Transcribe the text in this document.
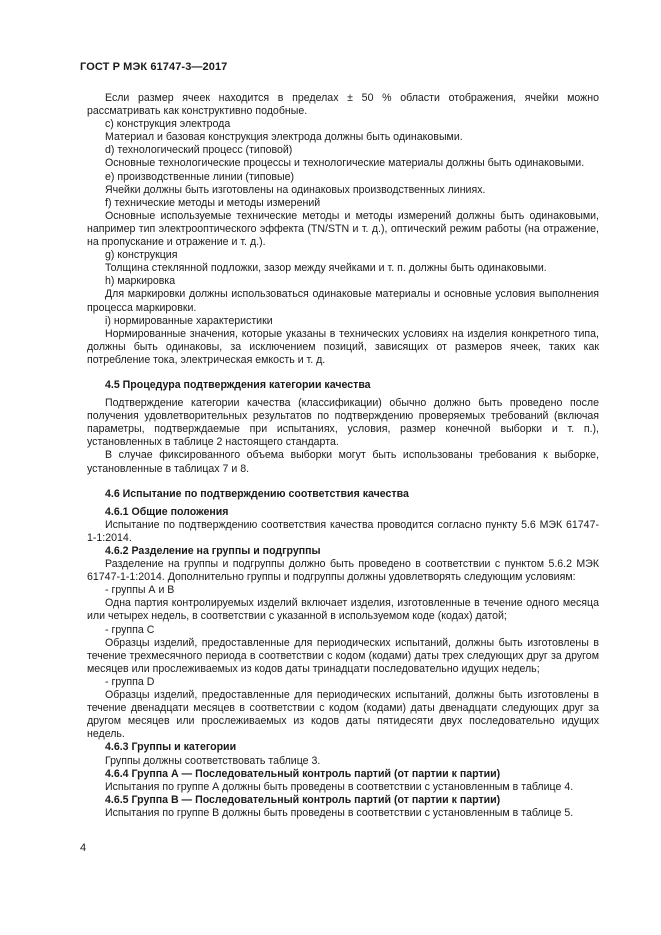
ГОСТ Р МЭК 61747-3—2017

Если размер ячеек находится в пределах ± 50 % области отображения, ячейки можно рассматривать как конструктивно подобные.

c) конструкция электрода

Материал и базовая конструкция электрода должны быть одинаковыми.

d) технологический процесс (типовой)

Основные технологические процессы и технологические материалы должны быть одинаковыми.

e) производственные линии (типовые)

Ячейки должны быть изготовлены на одинаковых производственных линиях.

f) технические методы и методы измерений

Основные используемые технические методы и методы измерений должны быть одинаковыми, например тип электрооптического эффекта (TN/STN и т. д.), оптический режим работы (на отражение, на пропускание и отражение и т. д.).

g) конструкция

Толщина стеклянной подложки, зазор между ячейками и т. п. должны быть одинаковыми.

h) маркировка

Для маркировки должны использоваться одинаковые материалы и основные условия выполнения процесса маркировки.

i) нормированные характеристики

Нормированные значения, которые указаны в технических условиях на изделия конкретного типа, должны быть одинаковы, за исключением позиций, зависящих от размеров ячеек, таких как потребление тока, электрическая емкость и т. д.

4.5 Процедура подтверждения категории качества

Подтверждение категории качества (классификации) обычно должно быть проведено после получения удовлетворительных результатов по подтверждению проверяемых требований (включая параметры, подтверждаемые при испытаниях, условия, размер конечной выборки и т. п.), установленных в таблице 2 настоящего стандарта.

В случае фиксированного объема выборки могут быть использованы требования к выборке, установленные в таблицах 7 и 8.

4.6 Испытание по подтверждению соответствия качества

4.6.1 Общие положения

Испытание по подтверждению соответствия качества проводится согласно пункту 5.6 МЭК 61747-1-1:2014.

4.6.2 Разделение на группы и подгруппы

Разделение на группы и подгруппы должно быть проведено в соответствии с пунктом 5.6.2 МЭК 61747-1-1:2014. Дополнительно группы и подгруппы должны удовлетворять следующим условиям:

- группы А и В

Одна партия контролируемых изделий включает изделия, изготовленные в течение одного месяца или четырех недель, в соответствии с указанной в используемом коде (кодах) датой;

- группа С

Образцы изделий, предоставленные для периодических испытаний, должны быть изготовлены в течение трехмесячного периода в соответствии с кодом (кодами) даты трех следующих друг за другом месяцев или прослеживаемых из кодов даты тринадцати последовательно идущих недель;

- группа D

Образцы изделий, предоставленные для периодических испытаний, должны быть изготовлены в течение двенадцати месяцев в соответствии с кодом (кодами) даты двенадцати следующих друг за другом месяцев или прослеживаемых из кодов даты пятидесяти двух последовательно идущих недель.

4.6.3 Группы и категории

Группы должны соответствовать таблице 3.

4.6.4 Группа А — Последовательный контроль партий (от партии к партии)

Испытания по группе А должны быть проведены в соответствии с установленным в таблице 4.

4.6.5 Группа В — Последовательный контроль партий (от партии к партии)

Испытания по группе В должны быть проведены в соответствии с установленным в таблице 5.

4
